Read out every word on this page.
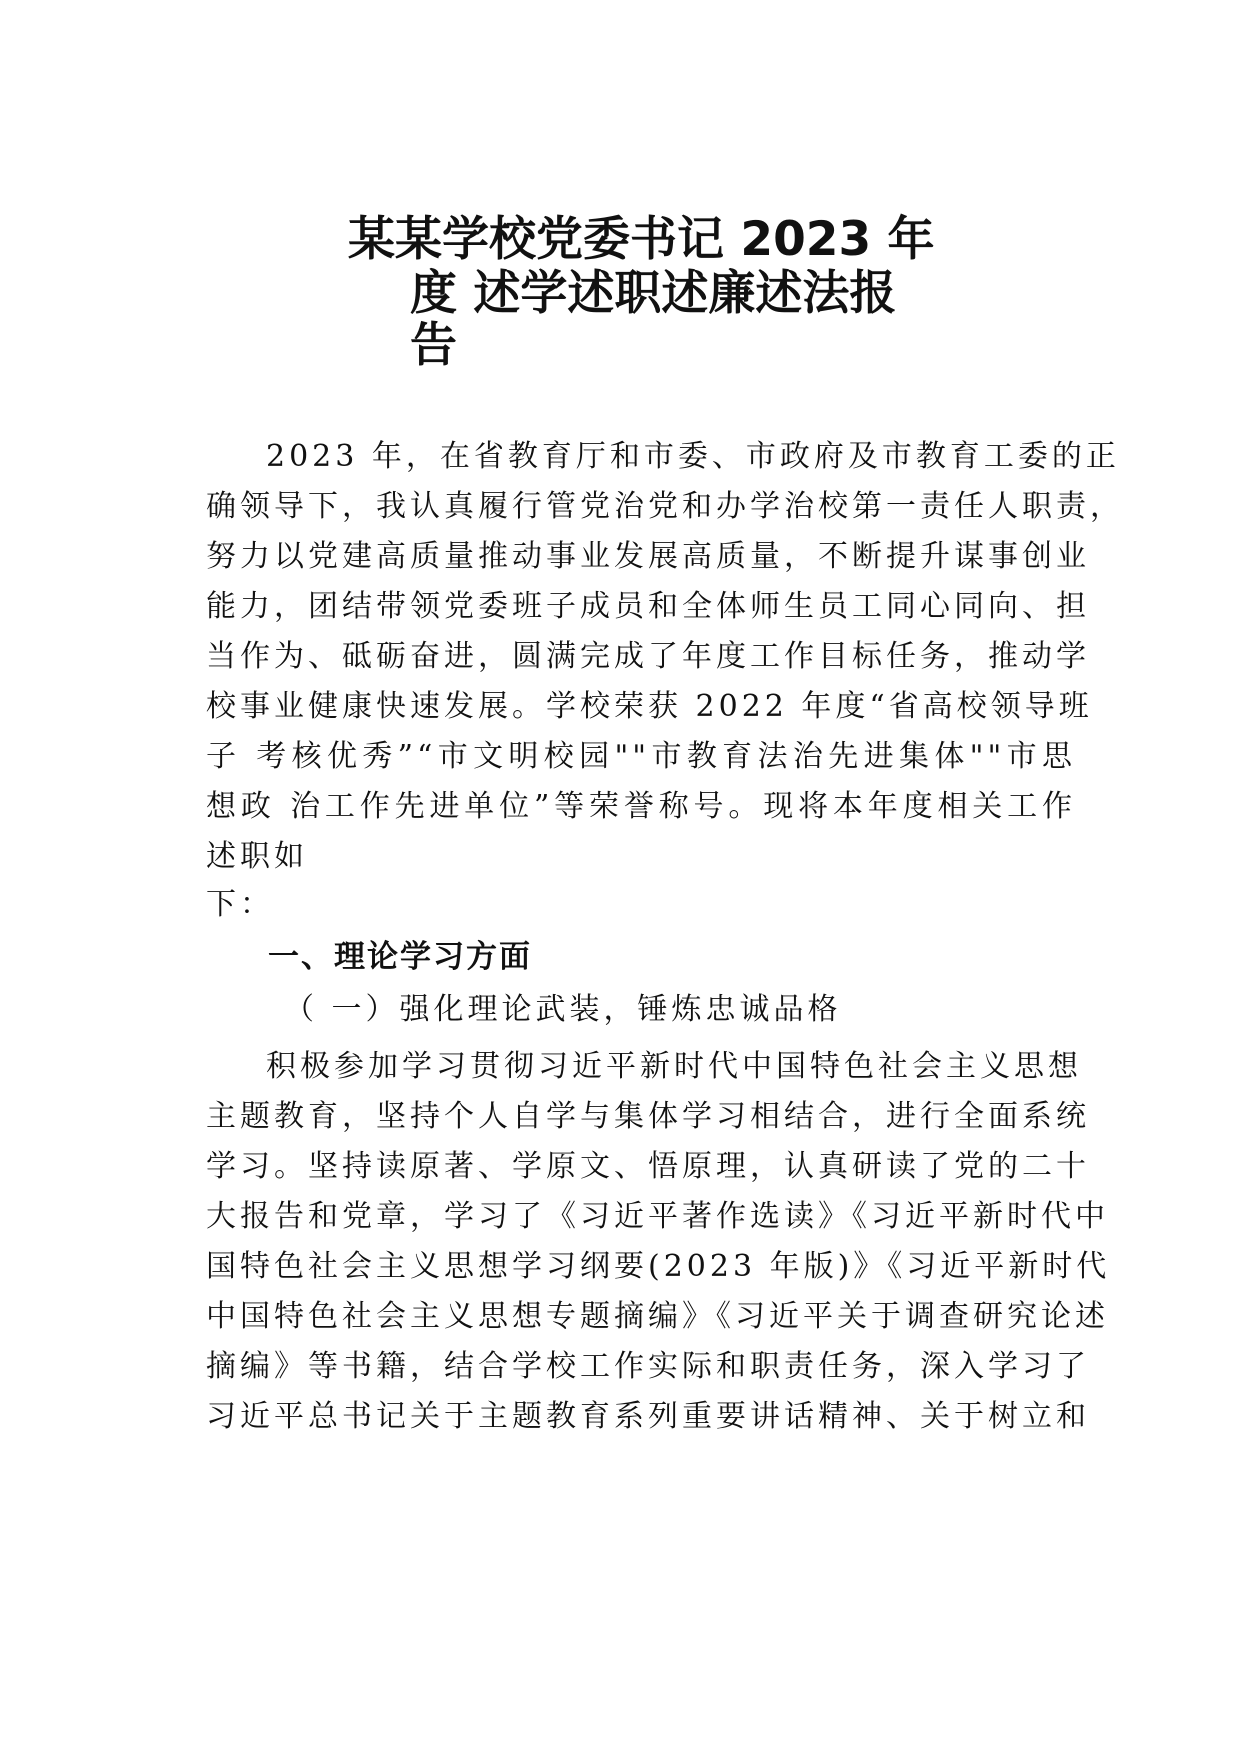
某某学校党委书记 2023 年
度 述学述职述廉述法报
告
2023 年，在省教育厅和市委、市政府及市教育工委的正
确领导下，我认真履行管党治党和办学治校第一责任人职责，
努力以党建高质量推动事业发展高质量，不断提升谋事创业
能力，团结带领党委班子成员和全体师生员工同心同向、担
当作为、砥砺奋进，圆满完成了年度工作目标任务，推动学
校事业健康快速发展。学校荣获 2022 年度“省高校领导班
子 考核优秀”“市文明校园""市教育法治先进集体""市思
想政 治工作先进单位”等荣誉称号。现将本年度相关工作
述职如
下：
一、理论学习方面
（ 一）强化理论武装，锤炼忠诚品格
积极参加学习贯彻习近平新时代中国特色社会主义思想
主题教育，坚持个人自学与集体学习相结合，进行全面系统
学习。坚持读原著、学原文、悟原理，认真研读了党的二十
大报告和党章，学习了《习近平著作选读》《习近平新时代中
国特色社会主义思想学习纲要(2023 年版)》《习近平新时代
中国特色社会主义思想专题摘编》《习近平关于调查研究论述
摘编》等书籍，结合学校工作实际和职责任务，深入学习了
习近平总书记关于主题教育系列重要讲话精神、关于树立和
